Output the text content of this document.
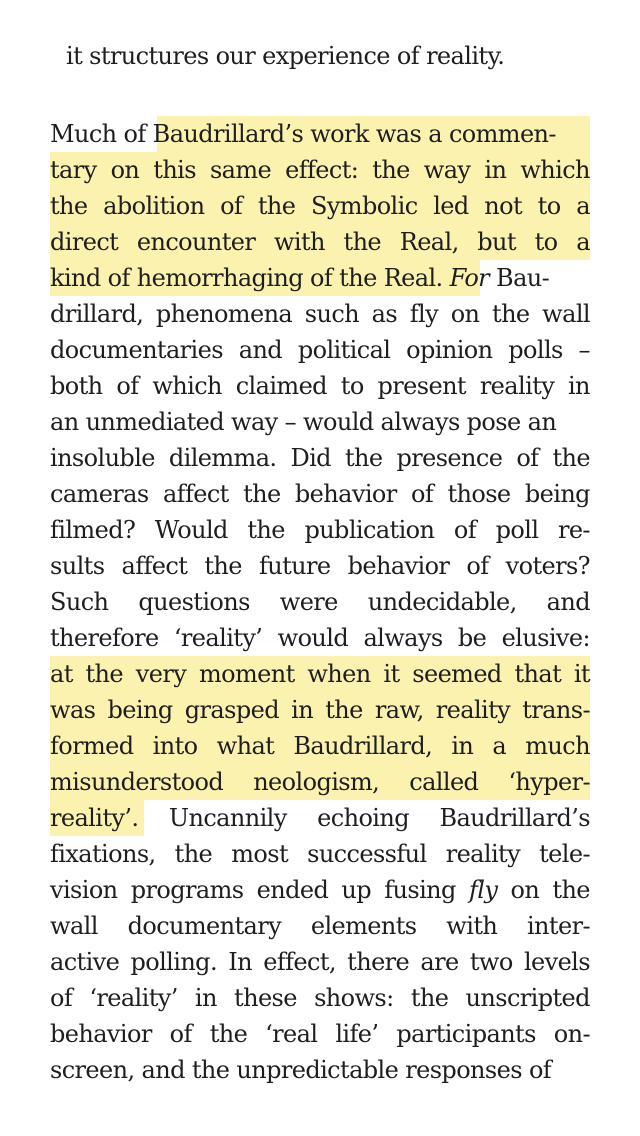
it structures our experience of reality.
Much of Baudrillard’s work was a commen-
tary on this same effect: the way in which
the abolition of the Symbolic led not to a
direct encounter with the Real, but to a
kind of hemorrhaging of the Real. For Bau-
drillard, phenomena such as fly on the wall
documentaries and political opinion polls –
both of which claimed to present reality in
an unmediated way – would always pose an
insoluble dilemma. Did the presence of the
cameras affect the behavior of those being
filmed? Would the publication of poll re-
sults affect the future behavior of voters?
Such questions were undecidable, and
therefore ‘reality’ would always be elusive:
at the very moment when it seemed that it
was being grasped in the raw, reality trans-
formed into what Baudrillard, in a much
misunderstood neologism, called ‘hyper-
reality’. Uncannily echoing Baudrillard’s
fixations, the most successful reality tele-
vision programs ended up fusing fly on the
wall documentary elements with inter-
active polling. In effect, there are two levels
of ‘reality’ in these shows: the unscripted
behavior of the ‘real life’ participants on-
screen, and the unpredictable responses of
